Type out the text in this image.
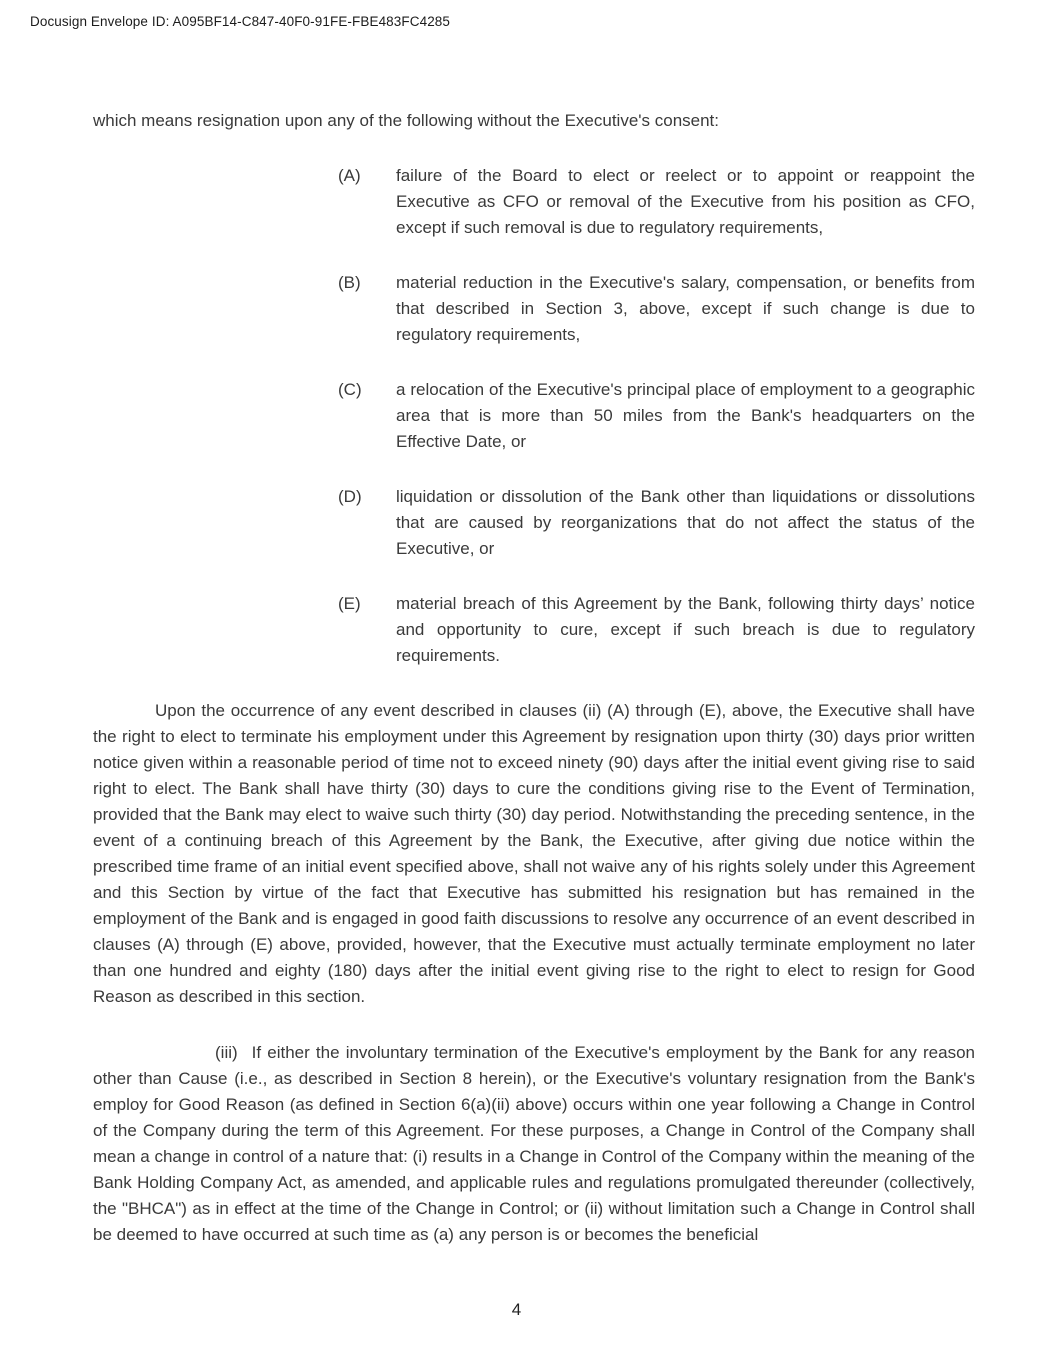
Docusign Envelope ID: A095BF14-C847-40F0-91FE-FBE483FC4285

which means resignation upon any of the following without the Executive's consent:

(A)	failure of the Board to elect or reelect or to appoint or reappoint the Executive as CFO or removal of the Executive from his position as CFO, except if such removal is due to regulatory requirements,
(B)	material reduction in the Executive's salary, compensation, or benefits from that described in Section 3, above, except if such change is due to regulatory requirements,
(C)	a relocation of the Executive's principal place of employment to a geographic area that is more than 50 miles from the Bank's headquarters on the Effective Date, or
(D)	liquidation or dissolution of the Bank other than liquidations or dissolutions that are caused by reorganizations that do not affect the status of the Executive, or
(E)	material breach of this Agreement by the Bank, following thirty days’ notice and opportunity to cure, except if such breach is due to regulatory requirements.

Upon the occurrence of any event described in clauses (ii) (A) through (E), above, the Executive shall have the right to elect to terminate his employment under this Agreement by resignation upon thirty (30) days prior written notice given within a reasonable period of time not to exceed ninety (90) days after the initial event giving rise to said right to elect. The Bank shall have thirty (30) days to cure the conditions giving rise to the Event of Termination, provided that the Bank may elect to waive such thirty (30) day period. Notwithstanding the preceding sentence, in the event of a continuing breach of this Agreement by the Bank, the Executive, after giving due notice within the prescribed time frame of an initial event specified above, shall not waive any of his rights solely under this Agreement and this Section by virtue of the fact that Executive has submitted his resignation but has remained in the employment of the Bank and is engaged in good faith discussions to resolve any occurrence of an event described in clauses (A) through (E) above, provided, however, that the Executive must actually terminate employment no later than one hundred and eighty (180) days after the initial event giving rise to the right to elect to resign for Good Reason as described in this section.

(iii) If either the involuntary termination of the Executive's employment by the Bank for any reason other than Cause (i.e., as described in Section 8 herein), or the Executive's voluntary resignation from the Bank's employ for Good Reason (as defined in Section 6(a)(ii) above) occurs within one year following a Change in Control of the Company during the term of this Agreement. For these purposes, a Change in Control of the Company shall mean a change in control of a nature that: (i) results in a Change in Control of the Company within the meaning of the Bank Holding Company Act, as amended, and applicable rules and regulations promulgated thereunder (collectively, the "BHCA") as in effect at the time of the Change in Control; or (ii) without limitation such a Change in Control shall be deemed to have occurred at such time as (a) any person is or becomes the beneficial

4
